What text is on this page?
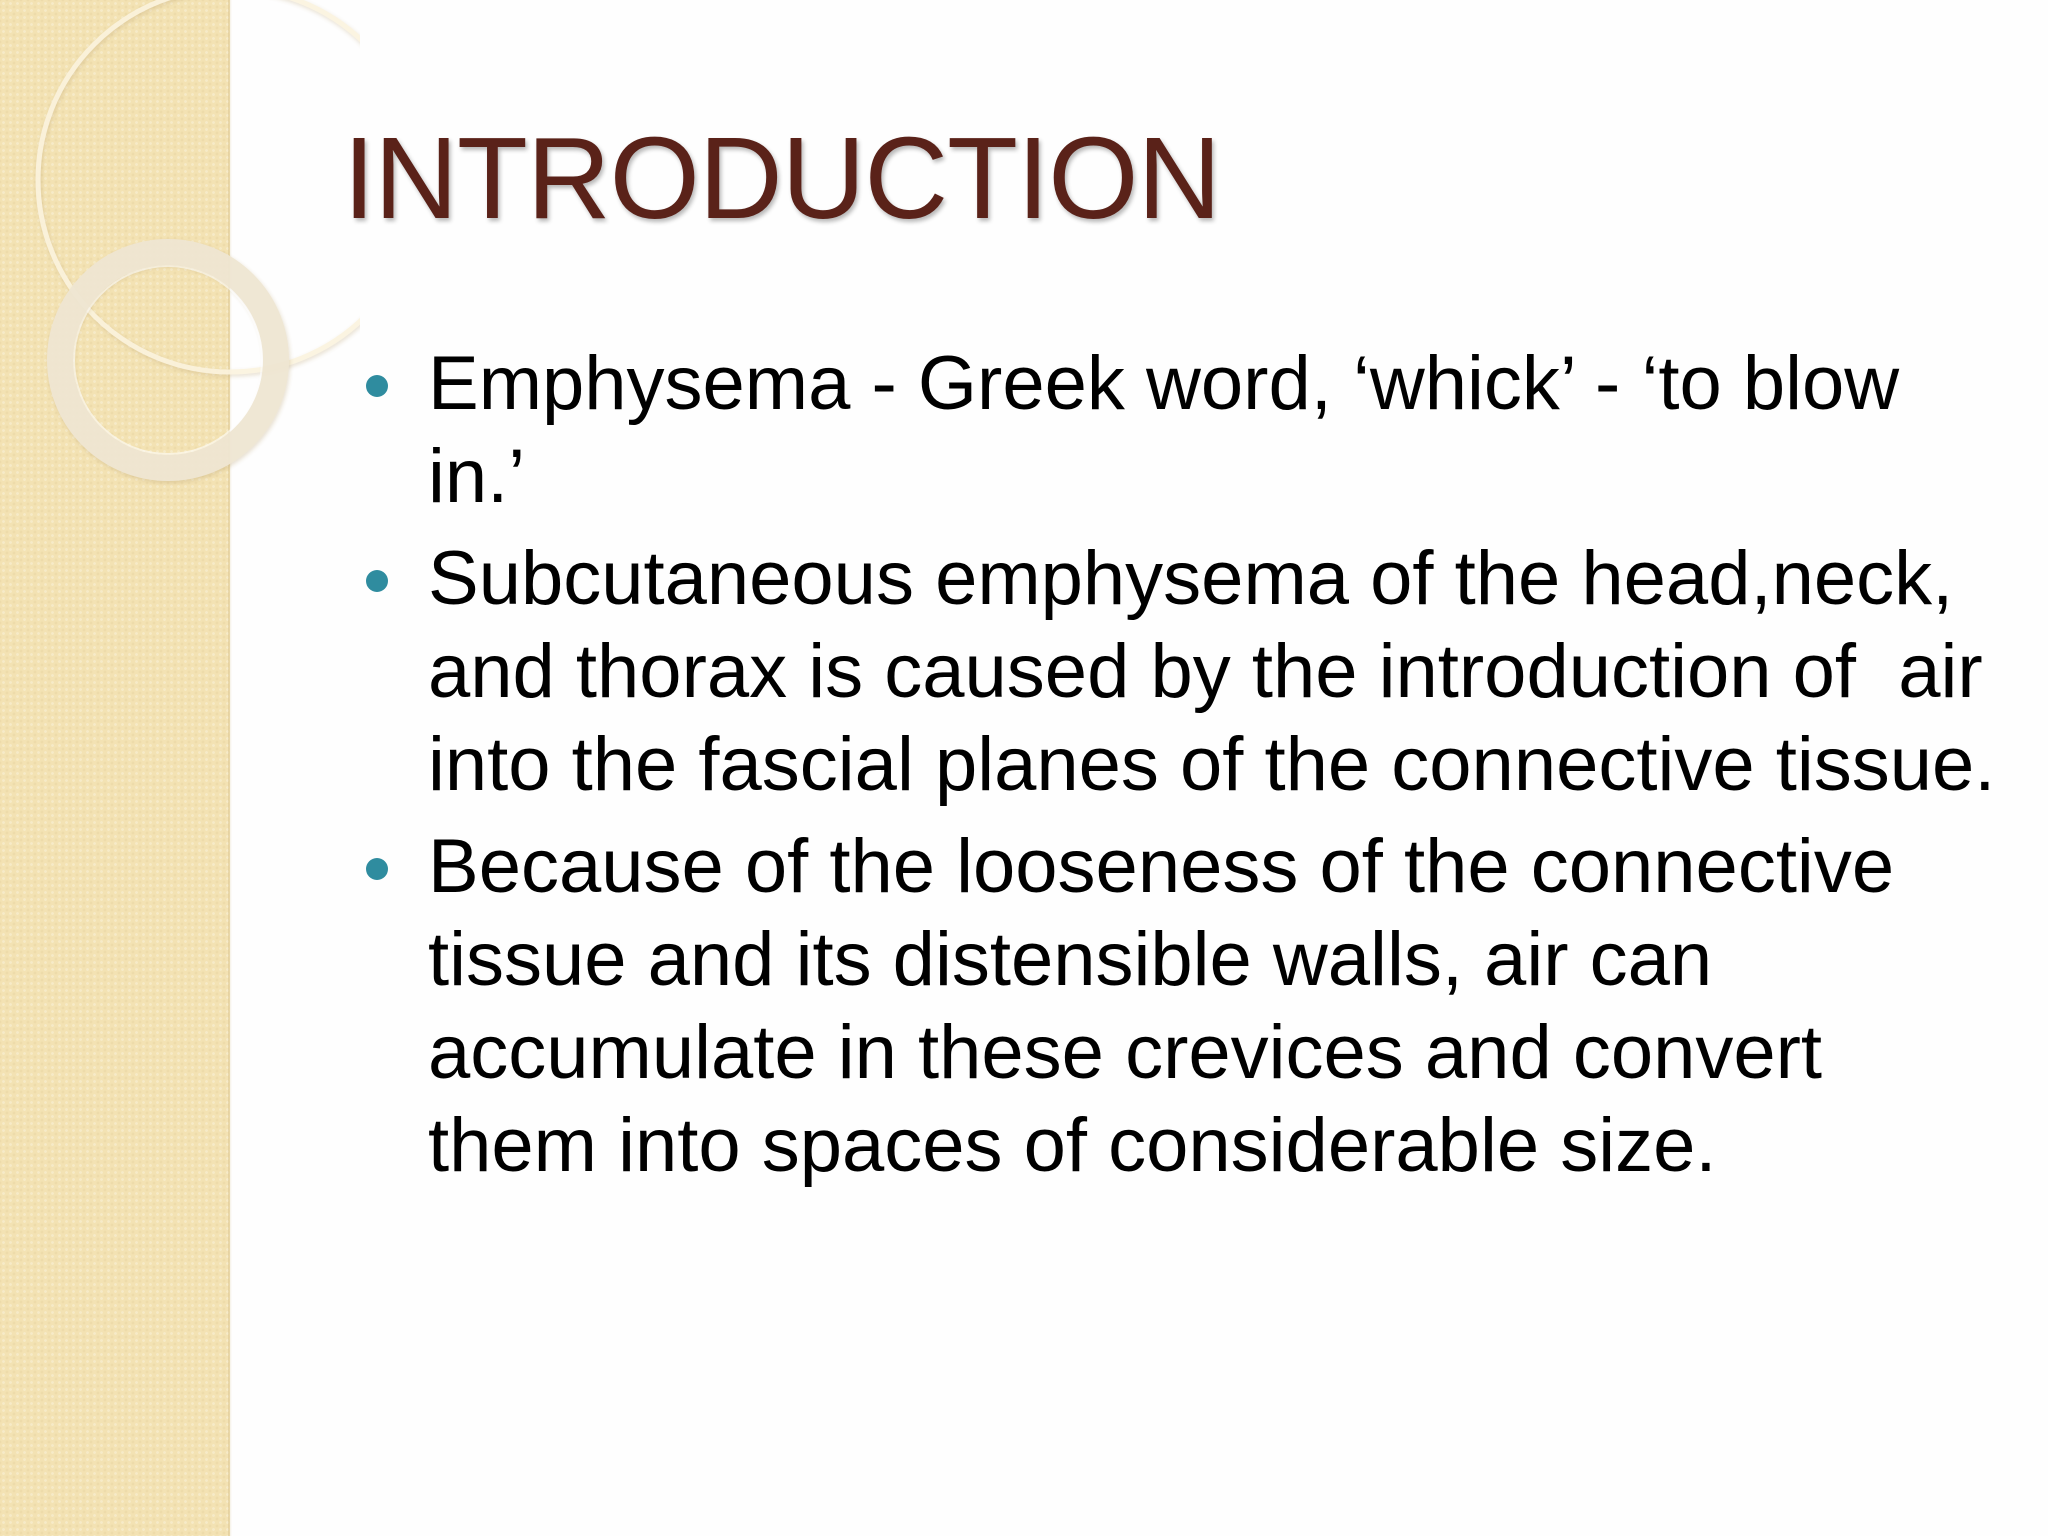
INTRODUCTION
Emphysema - Greek word, ‘whick’ - ‘to blow in.’
Subcutaneous emphysema of the head,neck, and thorax is caused by the introduction of  air into the fascial planes of the connective tissue.
Because of the looseness of the connective tissue and its distensible walls, air can accumulate in these crevices and convert them into spaces of considerable size.
